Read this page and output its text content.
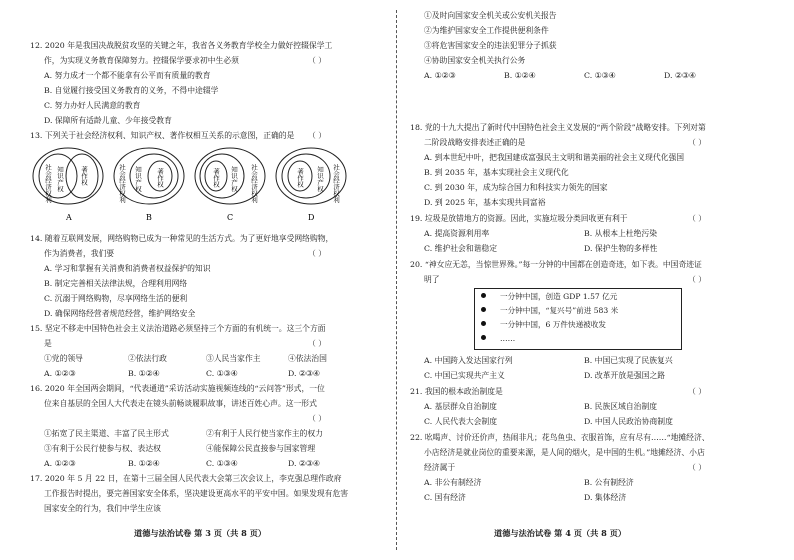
12. 2020 年是我国决战脱贫攻坚的关键之年，我省各义务教育学校全力做好控辍保学工
作，为实现义务教育保障努力。控辍保学要求初中生必须	（ ）
A. 努力成才一个都不能拿有公平而有质量的教育
B. 自觉履行接受国义务教育的义务，不得中途辍学
C. 努力办好人民满意的教育
D. 保障所有适龄儿童、少年接受教育
13. 下列关于社会经济权利、知识产权、著作权相互关系的示意图，正确的是 （ ）
社会经济权利 知识产权 著作权
A
社会经济权利 知识产权 著作权
B
社会经济权利
知识产权
著作权
C
社会经济权利
知识产权
著作权
D
14. 随着互联网发展，网络购物已成为一种常见的生活方式。为了更好地享受网络购物，
作为消费者，我们要	（ ）
A. 学习和掌握有关消费和消费者权益保护的知识
B. 制定完善相关法律法规，合理利用网络
C. 沉溺于网络购物，尽享网络生活的便利
D. 确保网络经营者规范经营，维护网络安全
15. 坚定不移走中国特色社会主义法治道路必须坚持三个方面的有机统一。这三个方面
是	（ ）
①党的领导	②依法行政	③人民当家作主	④依法治国
A. ①②③	B. ①②④	C. ①③④	D. ②③④
16. 2020 年全国两会期间，“代表通道”采访活动实施视频连线的“云问答”形式，一位
位来自基层的全国人大代表走在镜头前畅谈履职故事，讲述百姓心声。这一形式
（ ）
①拓宽了民主渠道、丰富了民主形式	②有利于人民行使当家作主的权力
③有利于公民行使参与权、表达权	④能保障公民直接参与国家管理
A. ①②③	B. ①②④	C. ①③④	D. ②③④
17. 2020 年 5 月 22 日，在第十三届全国人民代表大会第三次会议上，李克强总理作政府
工作报告时提出，要完善国家安全体系，坚决建设更高水平的平安中国。如果发现有危害
国家安全的行为，我们中学生应该
道德与法治试卷 第 3 页（共 8 页）
①及时向国家安全机关或公安机关报告
②为维护国家安全工作提供便利条件
③将危害国家安全的违法犯罪分子抓获
④协助国家安全机关执行公务
A. ①②③	B. ①②④	C. ①③④	D. ②③④
18. 党的十九大提出了新时代中国特色社会主义发展的“两个阶段”战略安排。下列对第
二阶段战略安排表述正确的是	（ ）
A. 到本世纪中叶，把我国建成富强民主文明和谐美丽的社会主义现代化强国
B. 到 2035 年，基本实现社会主义现代化
C. 到 2030 年，成为综合国力和科技实力领先的国家
D. 到 2025 年，基本实现共同富裕
19. 垃圾是放错地方的资源。因此，实施垃圾分类回收更有利于	（ ）
A. 提高资源利用率	B. 从根本上杜绝污染
C. 维护社会和谐稳定	D. 保护生物的多样性
20. “神女应无恙，当惊世界殊。”每一分钟的中国都在创造奇迹，如下表。中国奇迹证
明了	（ ）
一分钟中国，创造 GDP 1.57 亿元
一分钟中国，“复兴号”前进 583 米
一分钟中国，6 万件快递被收发
……
A. 中国跨入发达国家行列	B. 中国已实现了民族复兴
C. 中国已实现共产主义	D. 改革开放是强国之路
21. 我国的根本政治制度是	（ ）
A. 基层群众自治制度	B. 民族区域自治制度
C. 人民代表大会制度	D. 中国人民政治协商制度
22. 吆喝声、讨价还价声，热闹非凡；花鸟鱼虫、衣服首饰，应有尽有……“地摊经济、
小店经济是就业岗位的重要来源，是人间的烟火，是中国的生机。”地摊经济、小店
经济属于	（ ）
A. 非公有制经济	B. 公有制经济
C. 国有经济	D. 集体经济
道德与法治试卷 第 4 页（共 8 页）
